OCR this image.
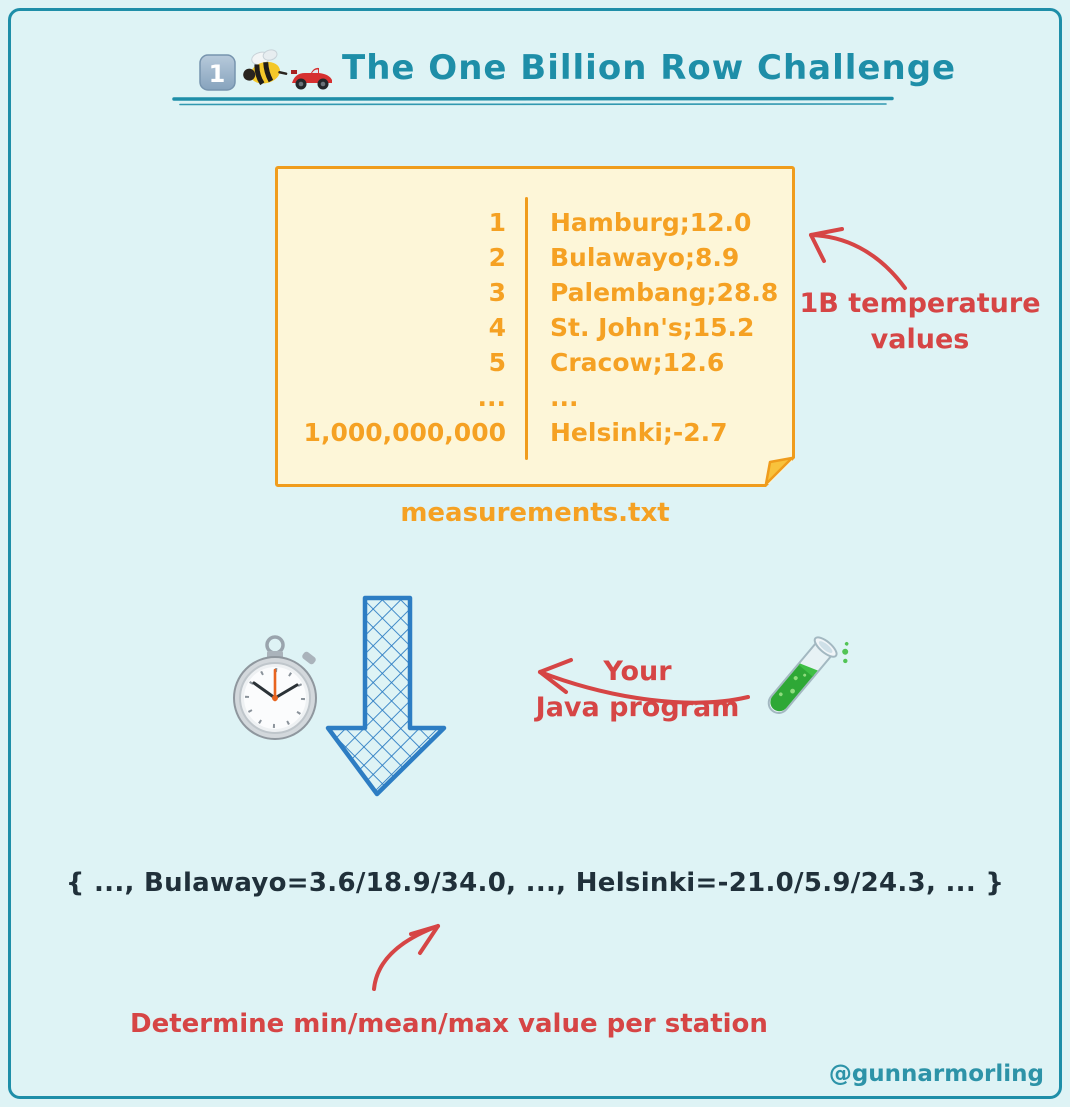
1	The One Billion Row Challenge
1	Hamburg;12.0
2	Bulawayo;8.9
3	Palembang;28.8
4	St. John's;15.2
5	Cracow;12.6
...	...
1,000,000,000	Helsinki;-2.7
measurements.txt
1B temperature
values
Your
Java program
{ ..., Bulawayo=3.6/18.9/34.0, ..., Helsinki=-21.0/5.9/24.3, ... }
Determine min/mean/max value per station
@gunnarmorling
